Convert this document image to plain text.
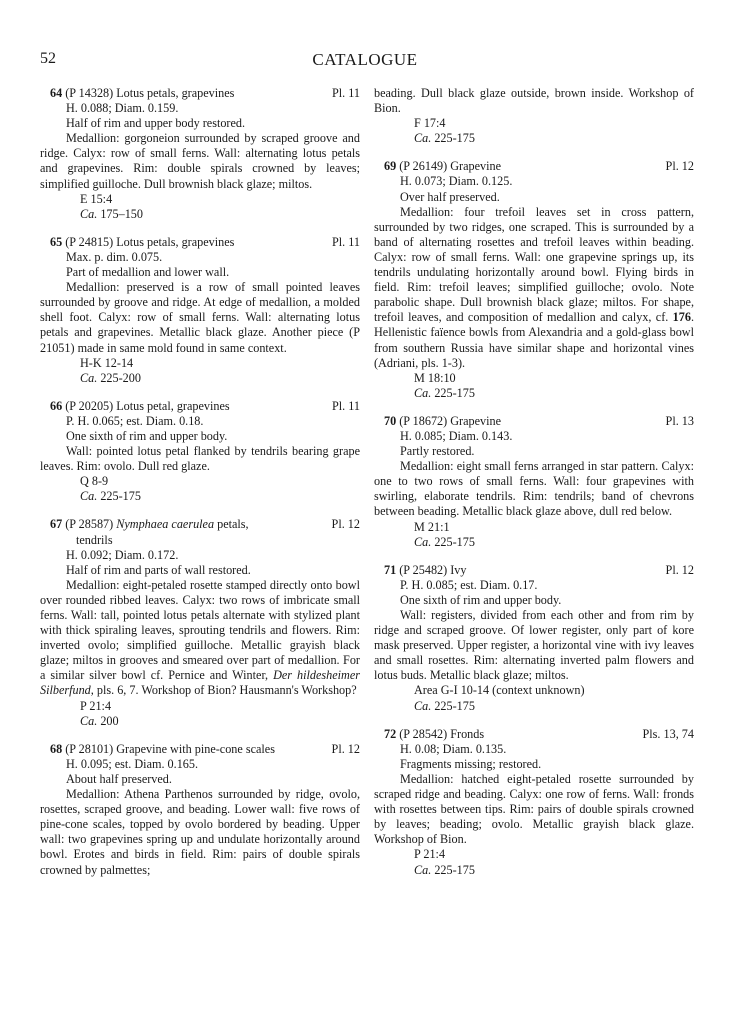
52	CATALOGUE
64 (P 14328) Lotus petals, grapevines	Pl. 11
H. 0.088; Diam. 0.159.
Half of rim and upper body restored.
Medallion: gorgoneion surrounded by scraped groove and ridge. Calyx: row of small ferns. Wall: alternating lotus petals and grapevines. Rim: double spirals crowned by leaves; simplified guilloche. Dull brownish black glaze; miltos.
E 15:4
Ca. 175–150
65 (P 24815) Lotus petals, grapevines	Pl. 11
Max. p. dim. 0.075.
Part of medallion and lower wall.
Medallion: preserved is a row of small pointed leaves surrounded by groove and ridge. At edge of medallion, a molded shell foot. Calyx: row of small ferns. Wall: alternating lotus petals and grapevines. Metallic black glaze. Another piece (P 21051) made in same mold found in same context.
H-K 12-14
Ca. 225-200
66 (P 20205) Lotus petal, grapevines	Pl. 11
P. H. 0.065; est. Diam. 0.18.
One sixth of rim and upper body.
Wall: pointed lotus petal flanked by tendrils bearing grape leaves. Rim: ovolo. Dull red glaze.
Q 8-9
Ca. 225-175
67 (P 28587) Nymphaea caerulea petals,	Pl. 12
tendrils
H. 0.092; Diam. 0.172.
Half of rim and parts of wall restored.
Medallion: eight-petaled rosette stamped directly onto bowl over rounded ribbed leaves. Calyx: two rows of imbricate small ferns. Wall: tall, pointed lotus petals alternate with stylized plant with thick spiraling leaves, sprouting tendrils and flowers. Rim: inverted ovolo; simplified guilloche. Metallic grayish black glaze; miltos in grooves and smeared over part of medallion. For a similar silver bowl cf. Pernice and Winter, Der hildesheimer Silberfund, pls. 6, 7. Workshop of Bion? Hausmann's Workshop?
P 21:4
Ca. 200
68 (P 28101) Grapevine with pine-cone scales	Pl. 12
H. 0.095; est. Diam. 0.165.
About half preserved.
Medallion: Athena Parthenos surrounded by ridge, ovolo, rosettes, scraped groove, and beading. Lower wall: five rows of pine-cone scales, topped by ovolo bordered by beading. Upper wall: two grapevines spring up and undulate horizontally around bowl. Erotes and birds in field. Rim: pairs of double spirals crowned by palmettes;
beading. Dull black glaze outside, brown inside. Workshop of Bion.
F 17:4
Ca. 225-175
69 (P 26149) Grapevine	Pl. 12
H. 0.073; Diam. 0.125.
Over half preserved.
Medallion: four trefoil leaves set in cross pattern, surrounded by two ridges, one scraped. This is surrounded by a band of alternating rosettes and trefoil leaves within beading. Calyx: row of small ferns. Wall: one grapevine springs up, its tendrils undulating horizontally around bowl. Flying birds in field. Rim: trefoil leaves; simplified guilloche; ovolo. Note parabolic shape. Dull brownish black glaze; miltos. For shape, trefoil leaves, and composition of medallion and calyx, cf. 176. Hellenistic faïence bowls from Alexandria and a gold-glass bowl from southern Russia have similar shape and horizontal vines (Adriani, pls. 1-3).
M 18:10
Ca. 225-175
70 (P 18672) Grapevine	Pl. 13
H. 0.085; Diam. 0.143.
Partly restored.
Medallion: eight small ferns arranged in star pattern. Calyx: one to two rows of small ferns. Wall: four grapevines with swirling, elaborate tendrils. Rim: tendrils; band of chevrons between beading. Metallic black glaze above, dull red below.
M 21:1
Ca. 225-175
71 (P 25482) Ivy	Pl. 12
P. H. 0.085; est. Diam. 0.17.
One sixth of rim and upper body.
Wall: registers, divided from each other and from rim by ridge and scraped groove. Of lower register, only part of kore mask preserved. Upper register, a horizontal vine with ivy leaves and small rosettes. Rim: alternating inverted palm flowers and lotus buds. Metallic black glaze; miltos.
Area G-I 10-14 (context unknown)
Ca. 225-175
72 (P 28542) Fronds	Pls. 13, 74
H. 0.08; Diam. 0.135.
Fragments missing; restored.
Medallion: hatched eight-petaled rosette surrounded by scraped ridge and beading. Calyx: one row of ferns. Wall: fronds with rosettes between tips. Rim: pairs of double spirals crowned by leaves; beading; ovolo. Metallic grayish black glaze. Workshop of Bion.
P 21:4
Ca. 225-175
